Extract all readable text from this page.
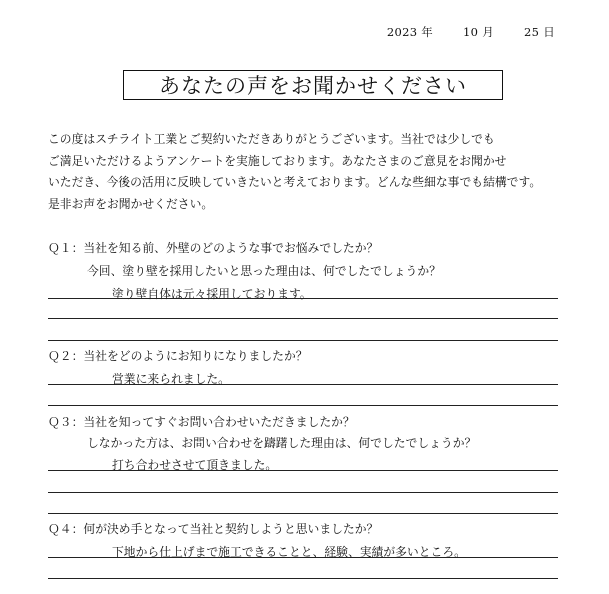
2023 年	10 月	25 日
あなたの声をお聞かせください

この度はスチライト工業とご契約いただきありがとうございます。当社では少しでも

ご満足いただけるようアンケートを実施しております。あなたさまのご意見をお聞かせ

いただき、今後の活用に反映していきたいと考えております。どんな些細な事でも結構です。

是非お声をお聞かせください。

Ｑ１：当社を知る前、外壁のどのような事でお悩みでしたか？
今回、塗り壁を採用したいと思った理由は、何でしたでしょうか？
塗り壁自体は元々採用しております。
Ｑ２：当社をどのようにお知りになりましたか？
営業に来られました。
Ｑ３：当社を知ってすぐお問い合わせいただきましたか？
しなかった方は、お問い合わせを躊躇した理由は、何でしたでしょうか？
打ち合わせさせて頂きました。
Ｑ４：何が決め手となって当社と契約しようと思いましたか？
下地から仕上げまで施工できることと、経験、実績が多いところ。
